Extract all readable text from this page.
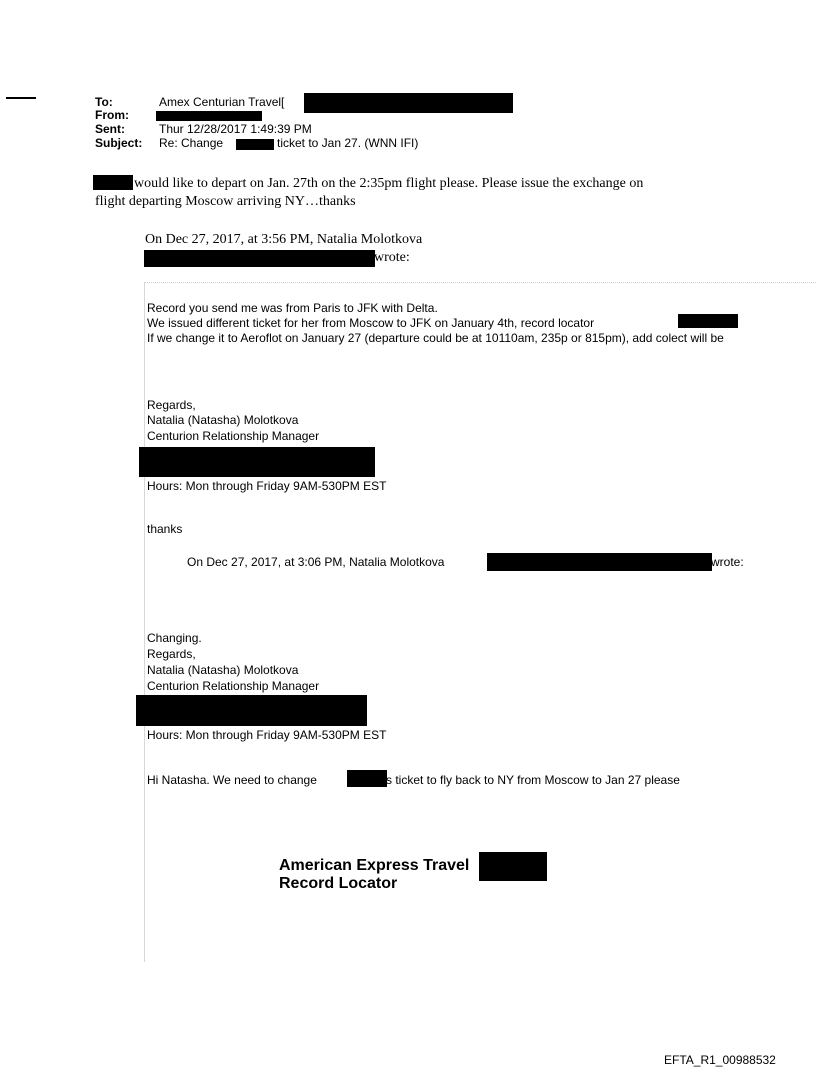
To:	Amex Centurian Travel[
From:
Sent:	Thur 12/28/2017 1:49:39 PM
Subject: Re: Change	ticket to Jan 27. (WNN IFI)
would like to depart on Jan. 27th on the 2:35pm flight please. Please issue the exchange on
flight departing Moscow arriving NY…thanks
On Dec 27, 2017, at 3:56 PM, Natalia Molotkova
wrote:
Record you send me was from Paris to JFK with Delta.
We issued different ticket for her from Moscow to JFK on January 4th, record locator
If we change it to Aeroflot on January 27 (departure could be at 10110am, 235p or 815pm), add colect will be
Regards,
Natalia (Natasha) Molotkova
Centurion Relationship Manager
Hours: Mon through Friday 9AM-530PM EST
thanks
On Dec 27, 2017, at 3:06 PM, Natalia Molotkova	wrote:
Changing.
Regards,
Natalia (Natasha) Molotkova
Centurion Relationship Manager
Hours: Mon through Friday 9AM-530PM EST
Hi Natasha. We need to change	s ticket to fly back to NY from Moscow to Jan 27 please
American Express Travel
Record Locator
EFTA_R1_00988532
